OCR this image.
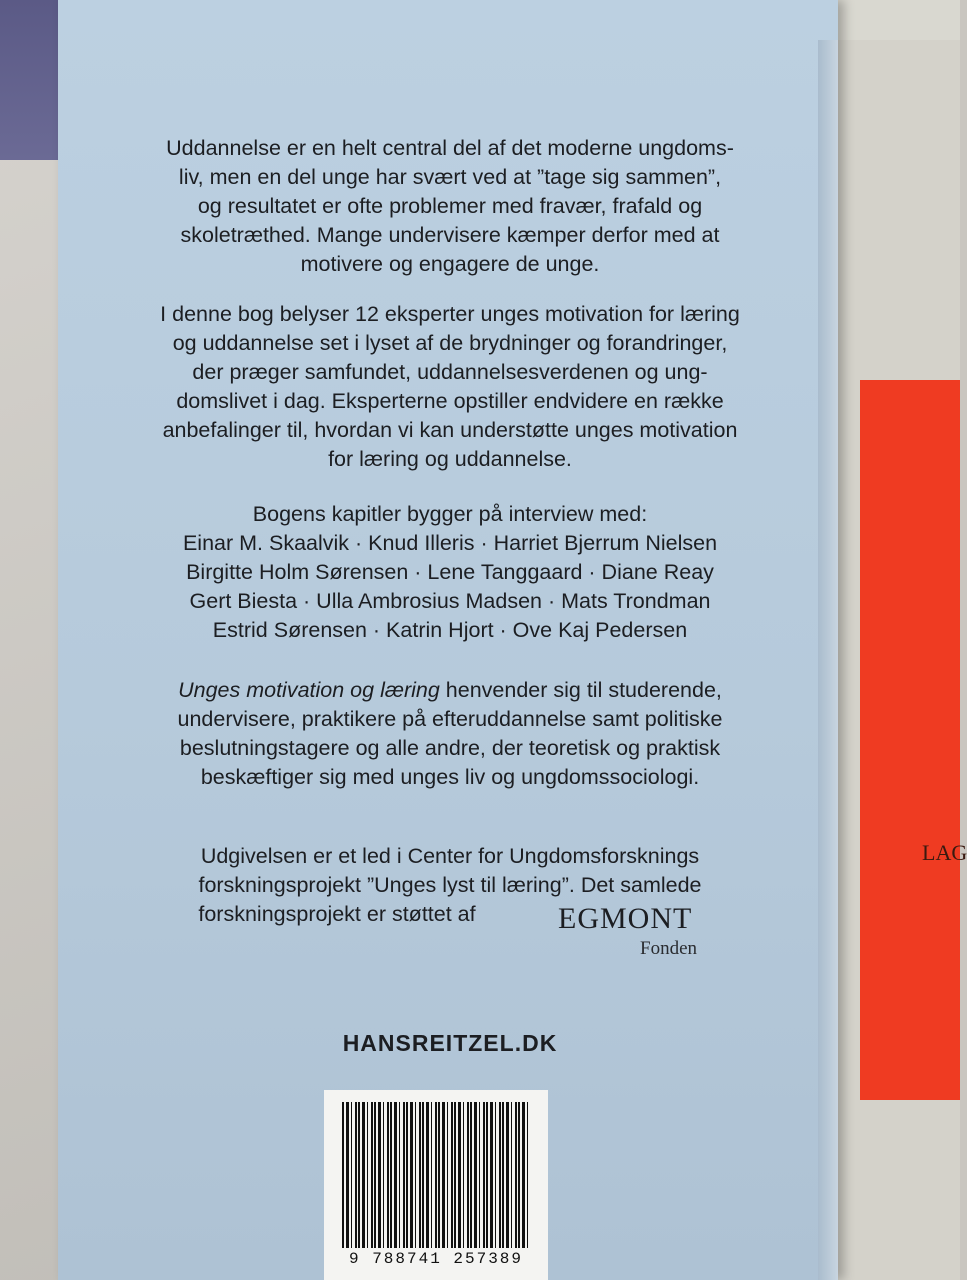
LAG
Uddannelse er en helt central del af det moderne ungdoms-
liv, men en del unge har svært ved at ”tage sig sammen”,
og resultatet er ofte problemer med fravær, frafald og
skoletræthed. Mange undervisere kæmper derfor med at
motivere og engagere de unge.
I denne bog belyser 12 eksperter unges motivation for læring
og uddannelse set i lyset af de brydninger og forandringer,
der præger samfundet, uddannelsesverdenen og ung-
domslivet i dag. Eksperterne opstiller endvidere en række
anbefalinger til, hvordan vi kan understøtte unges motivation
for læring og uddannelse.
Bogens kapitler bygger på interview med:
Einar M. Skaalvik · Knud Illeris · Harriet Bjerrum Nielsen
Birgitte Holm Sørensen · Lene Tanggaard · Diane Reay
Gert Biesta · Ulla Ambrosius Madsen · Mats Trondman
Estrid Sørensen · Katrin Hjort · Ove Kaj Pedersen
Unges motivation og læring henvender sig til studerende,
undervisere, praktikere på efteruddannelse samt politiske
beslutningstagere og alle andre, der teoretisk og praktisk
beskæftiger sig med unges liv og ungdomssociologi.
Udgivelsen er et led i Center for Ungdomsforsknings
forskningsprojekt ”Unges lyst til læring”. Det samlede
forskningsprojekt er støttet af	EGMONT
Fonden
HANSREITZEL.DK
9 788741 257389
